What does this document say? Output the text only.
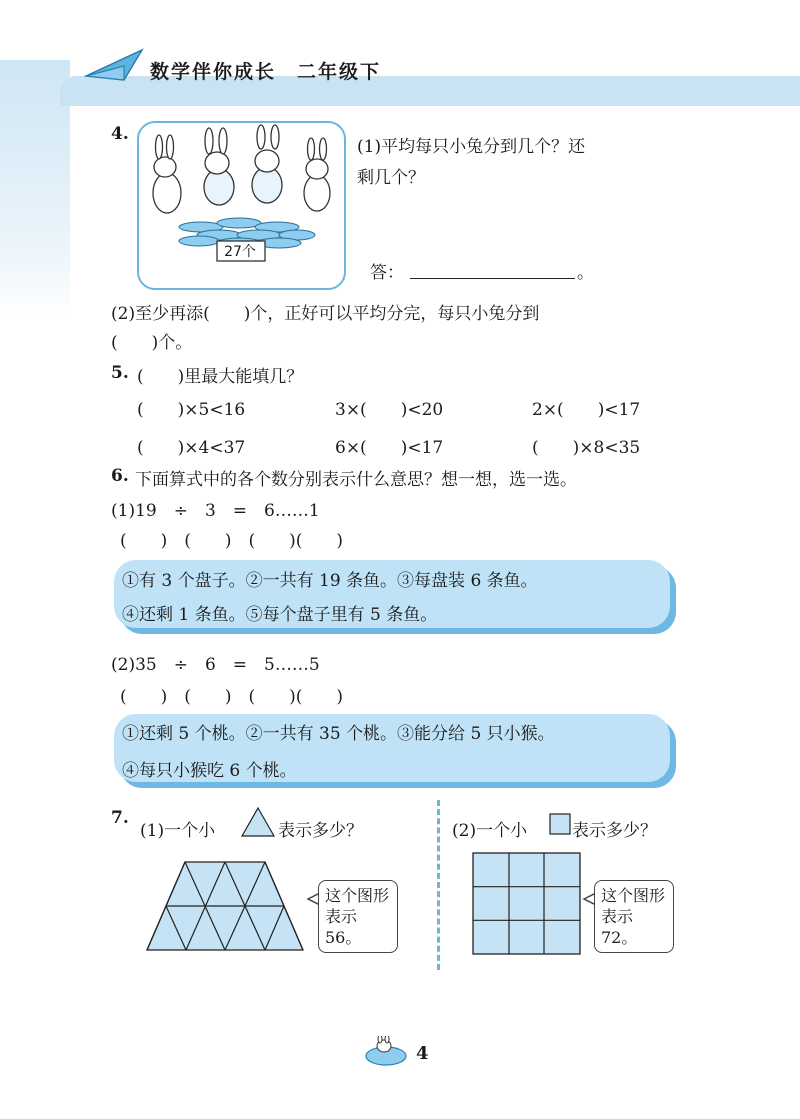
数学伴你成长　二年级下
4.
27个
(1)平均每只小兔分到几个？还
剩几个？
答：	。
(2)至少再添(　　)个，正好可以平均分完，每只小兔分到
(　　)个。
5. (　　)里最大能填几？
(　　)×5<16	3×(　　)<20	2×(　　)<17
(　　)×4<37	6×(　　)<17	(　　)×8<35
6. 下面算式中的各个数分别表示什么意思？想一想，选一选。
(1)19　÷　3　=　6……1
(　　)　(　　)　(　　)(　　)
①有 3 个盘子。②一共有 19 条鱼。③每盘装 6 条鱼。
④还剩 1 条鱼。⑤每个盘子里有 5 条鱼。
(2)35　÷　6　=　5……5
(　　)　(　　)　(　　)(　　)
①还剩 5 个桃。②一共有 35 个桃。③能分给 5 只小猴。
④每只小猴吃 6 个桃。
7.
(1)一个小	表示多少？
这个图形
表示56。
(2)一个小	表示多少？
这个图形
表示72。
4
